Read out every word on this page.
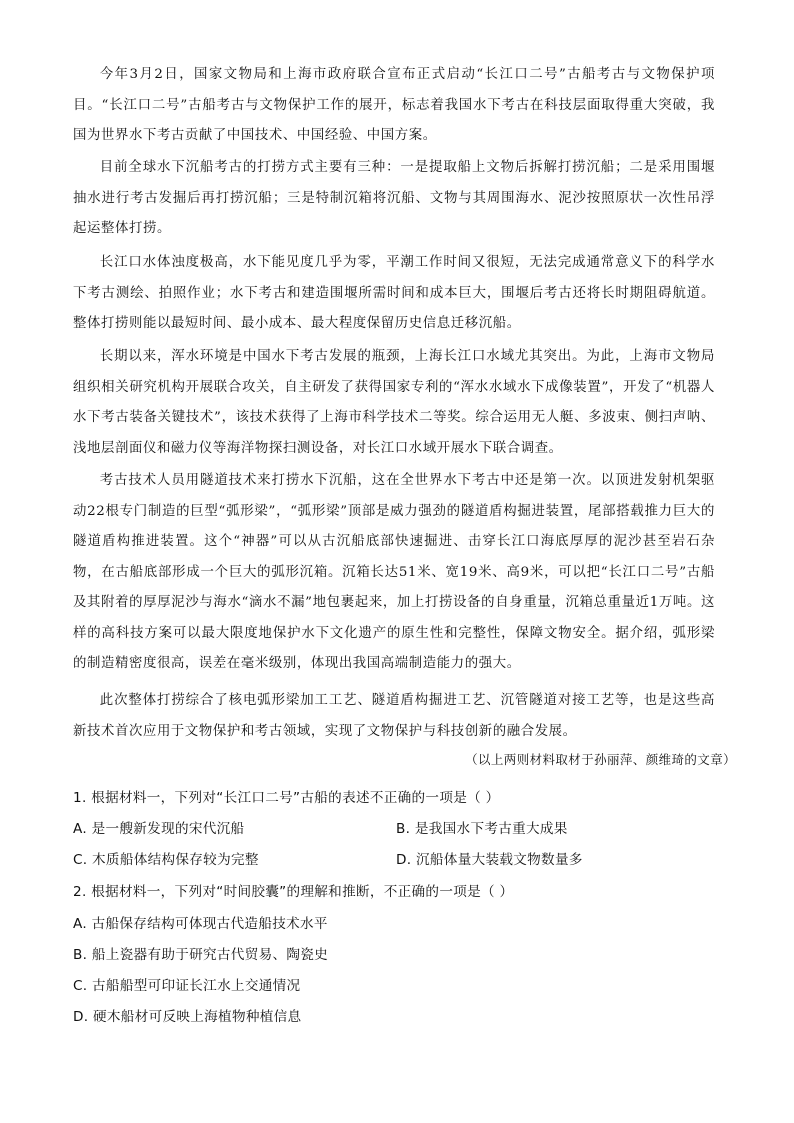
今年3月2日，国家文物局和上海市政府联合宣布正式启动“长江口二号”古船考古与文物保护项目。“长江口二号”古船考古与文物保护工作的展开，标志着我国水下考古在科技层面取得重大突破，我国为世界水下考古贡献了中国技术、中国经验、中国方案。

目前全球水下沉船考古的打捞方式主要有三种：一是提取船上文物后拆解打捞沉船；二是采用围堰抽水进行考古发掘后再打捞沉船；三是特制沉箱将沉船、文物与其周围海水、泥沙按照原状一次性吊浮起运整体打捞。

长江口水体浊度极高，水下能见度几乎为零，平潮工作时间又很短，无法完成通常意义下的科学水下考古测绘、拍照作业；水下考古和建造围堰所需时间和成本巨大，围堰后考古还将长时期阻碍航道。整体打捞则能以最短时间、最小成本、最大程度保留历史信息迁移沉船。

长期以来，浑水环境是中国水下考古发展的瓶颈，上海长江口水域尤其突出。为此，上海市文物局组织相关研究机构开展联合攻关，自主研发了获得国家专利的“浑水水域水下成像装置”，开发了“机器人水下考古装备关键技术”，该技术获得了上海市科学技术二等奖。综合运用无人艇、多波束、侧扫声呐、浅地层剖面仪和磁力仪等海洋物探扫测设备，对长江口水域开展水下联合调查。

考古技术人员用隧道技术来打捞水下沉船，这在全世界水下考古中还是第一次。以顶进发射机架驱动22根专门制造的巨型“弧形梁”，“弧形梁”顶部是威力强劲的隧道盾构掘进装置，尾部搭载推力巨大的隧道盾构推进装置。这个“神器”可以从古沉船底部快速掘进、击穿长江口海底厚厚的泥沙甚至岩石杂物，在古船底部形成一个巨大的弧形沉箱。沉箱长达51米、宽19米、高9米，可以把“长江口二号”古船及其附着的厚厚泥沙与海水“滴水不漏”地包裹起来，加上打捞设备的自身重量，沉箱总重量近1万吨。这样的高科技方案可以最大限度地保护水下文化遗产的原生性和完整性，保障文物安全。据介绍，弧形梁的制造精密度很高，误差在毫米级别，体现出我国高端制造能力的强大。

此次整体打捞综合了核电弧形梁加工工艺、隧道盾构掘进工艺、沉管隧道对接工艺等，也是这些高新技术首次应用于文物保护和考古领域，实现了文物保护与科技创新的融合发展。

（以上两则材料取材于孙丽萍、颜维琦的文章）
1. 根据材料一，下列对“长江口二号”古船的表述不正确的一项是（ ）
A. 是一艘新发现的宋代沉船	B. 是我国水下考古重大成果
C. 木质船体结构保存较为完整	D. 沉船体量大装载文物数量多
2. 根据材料一，下列对“时间胶囊”的理解和推断，不正确的一项是（ ）
A. 古船保存结构可体现古代造船技术水平
B. 船上瓷器有助于研究古代贸易、陶瓷史
C. 古船船型可印证长江水上交通情况
D. 硬木船材可反映上海植物种植信息
